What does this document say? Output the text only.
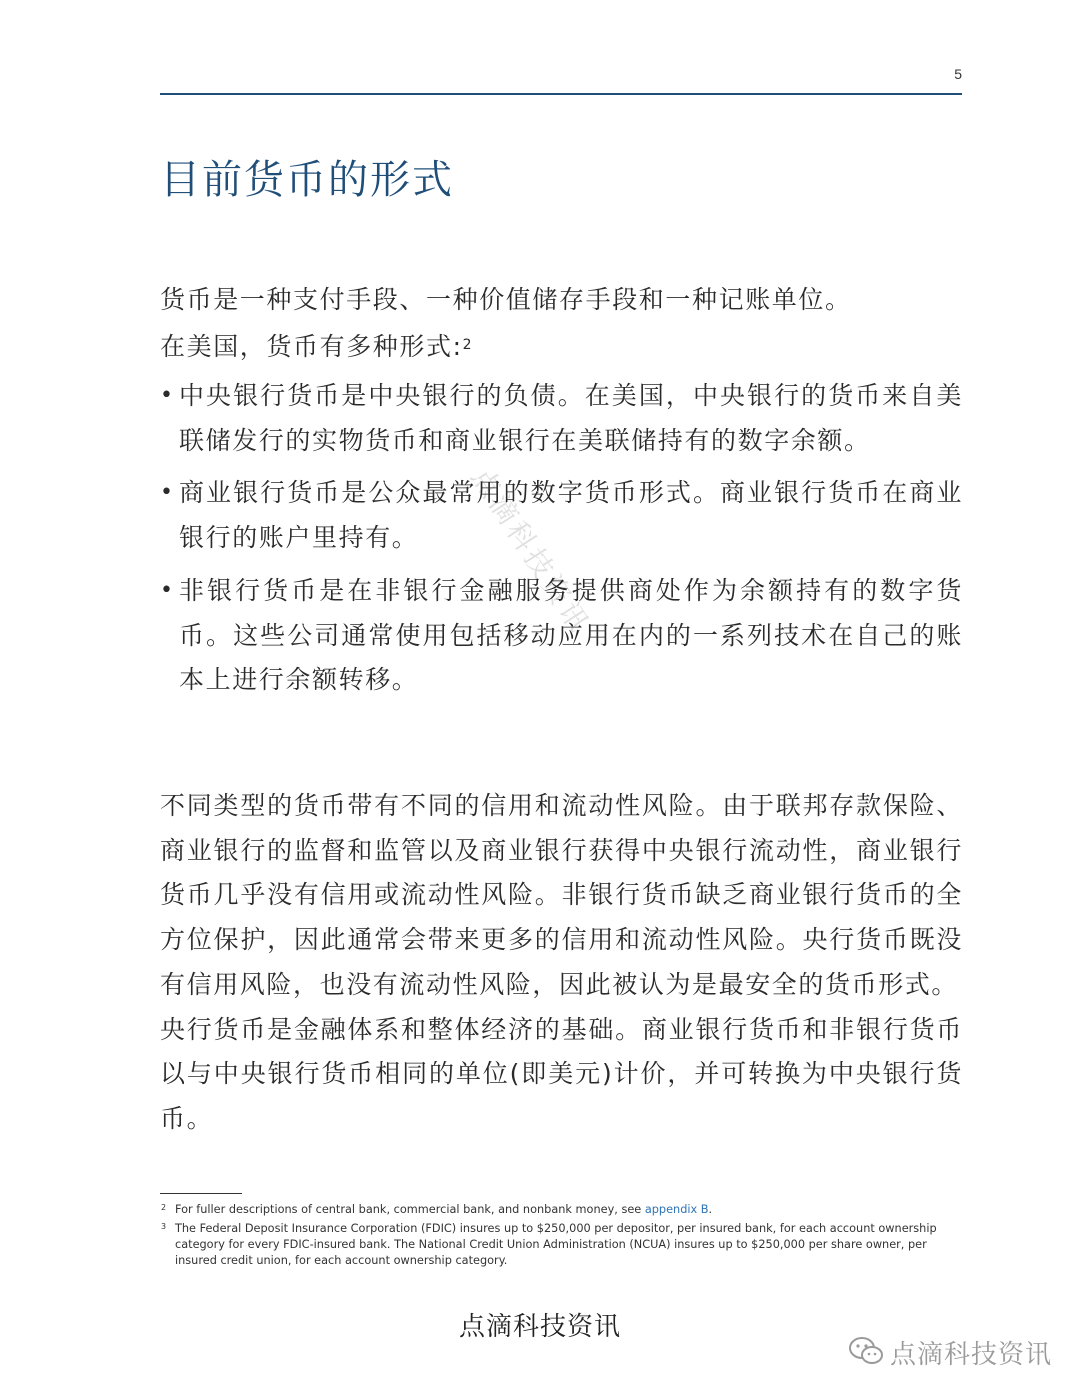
5
目前货币的形式
点滴科技资讯

货币是一种支付手段、一种价值储存手段和一种记账单位。

在美国，货币有多种形式:$^2$

• 中央银行货币是中央银行的负债。在美国，中央银行的货币来自美联储发行的实物货币和商业银行在美联储持有的数字余额。
• 商业银行货币是公众最常用的数字货币形式。商业银行货币在商业银行的账户里持有。
• 非银行货币是在非银行金融服务提供商处作为余额持有的数字货币。这些公司通常使用包括移动应用在内的一系列技术在自己的账本上进行余额转移。

不同类型的货币带有不同的信用和流动性风险。由于联邦存款保险、商业银行的监督和监管以及商业银行获得中央银行流动性，商业银行货币几乎没有信用或流动性风险。非银行货币缺乏商业银行货币的全方位保护，因此通常会带来更多的信用和流动性风险。央行货币既没有信用风险，也没有流动性风险，因此被认为是最安全的货币形式。

央行货币是金融体系和整体经济的基础。商业银行货币和非银行货币以与中央银行货币相同的单位(即美元)计价，并可转换为中央银行货币。

2 For fuller descriptions of central bank, commercial bank, and nonbank money, see appendix B.
3 The Federal Deposit Insurance Corporation (FDIC) insures up to $250,000 per depositor, per insured bank, for each account ownership category for every FDIC-insured bank. The National Credit Union Administration (NCUA) insures up to $250,000 per share owner, per insured credit union, for each account ownership category.
点滴科技资讯
点滴科技资讯
